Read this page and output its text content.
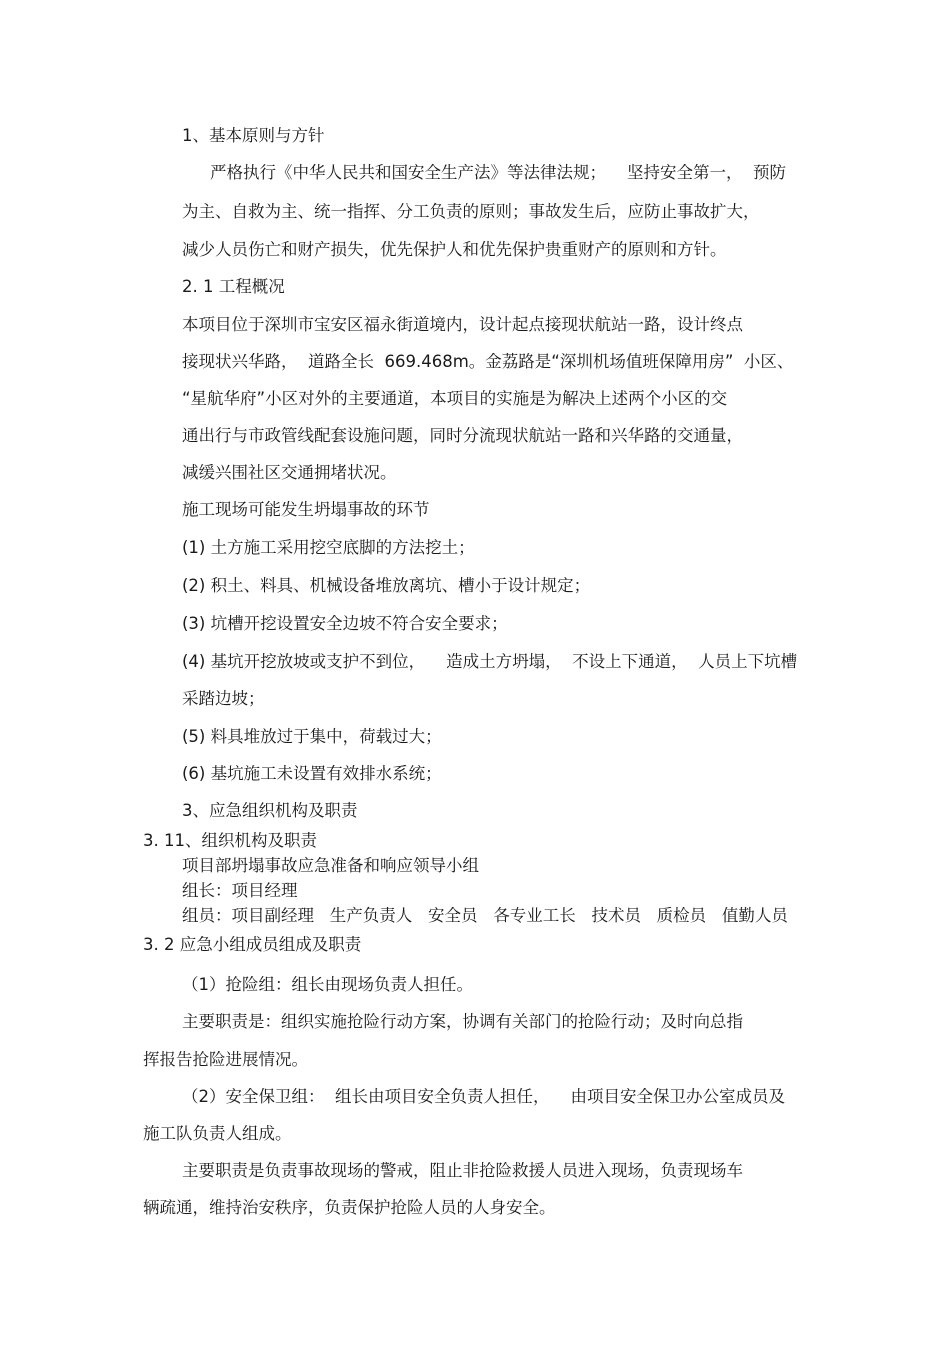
1、基本原则与方针

严格执行《中华人民共和国安全生产法》等法律法规；    坚持安全第一，  预防

为主、自救为主、统一指挥、分工负责的原则；事故发生后，应防止事故扩大，

减少人员伤亡和财产损失，优先保护人和优先保护贵重财产的原则和方针。

2. 1 工程概况

本项目位于深圳市宝安区福永街道境内，设计起点接现状航站一路，设计终点

接现状兴华路，  道路全长  669.468m。金荔路是“深圳机场值班保障用房”  小区、

“星航华府”小区对外的主要通道，本项目的实施是为解决上述两个小区的交

通出行与市政管线配套设施问题，同时分流现状航站一路和兴华路的交通量，

减缓兴围社区交通拥堵状况。

施工现场可能发生坍塌事故的环节

(1) 土方施工采用挖空底脚的方法挖土；

(2) 积土、料具、机械设备堆放离坑、槽小于设计规定；

(3) 坑槽开挖设置安全边坡不符合安全要求；

(4) 基坑开挖放坡或支护不到位，    造成土方坍塌，  不设上下通道，  人员上下坑槽

采踏边坡；

(5) 料具堆放过于集中，荷载过大；

(6) 基坑施工未设置有效排水系统；

3、应急组织机构及职责

3. 11、组织机构及职责

项目部坍塌事故应急准备和响应领导小组

组长：项目经理

组员：项目副经理   生产负责人   安全员   各专业工长   技术员   质检员   值勤人员

3. 2 应急小组成员组成及职责

（1）抢险组：组长由现场负责人担任。

主要职责是：组织实施抢险行动方案，协调有关部门的抢险行动；及时向总指

挥报告抢险进展情况。

（2）安全保卫组：  组长由项目安全负责人担任，    由项目安全保卫办公室成员及

施工队负责人组成。

主要职责是负责事故现场的警戒，阻止非抢险救援人员进入现场，负责现场车

辆疏通，维持治安秩序，负责保护抢险人员的人身安全。
